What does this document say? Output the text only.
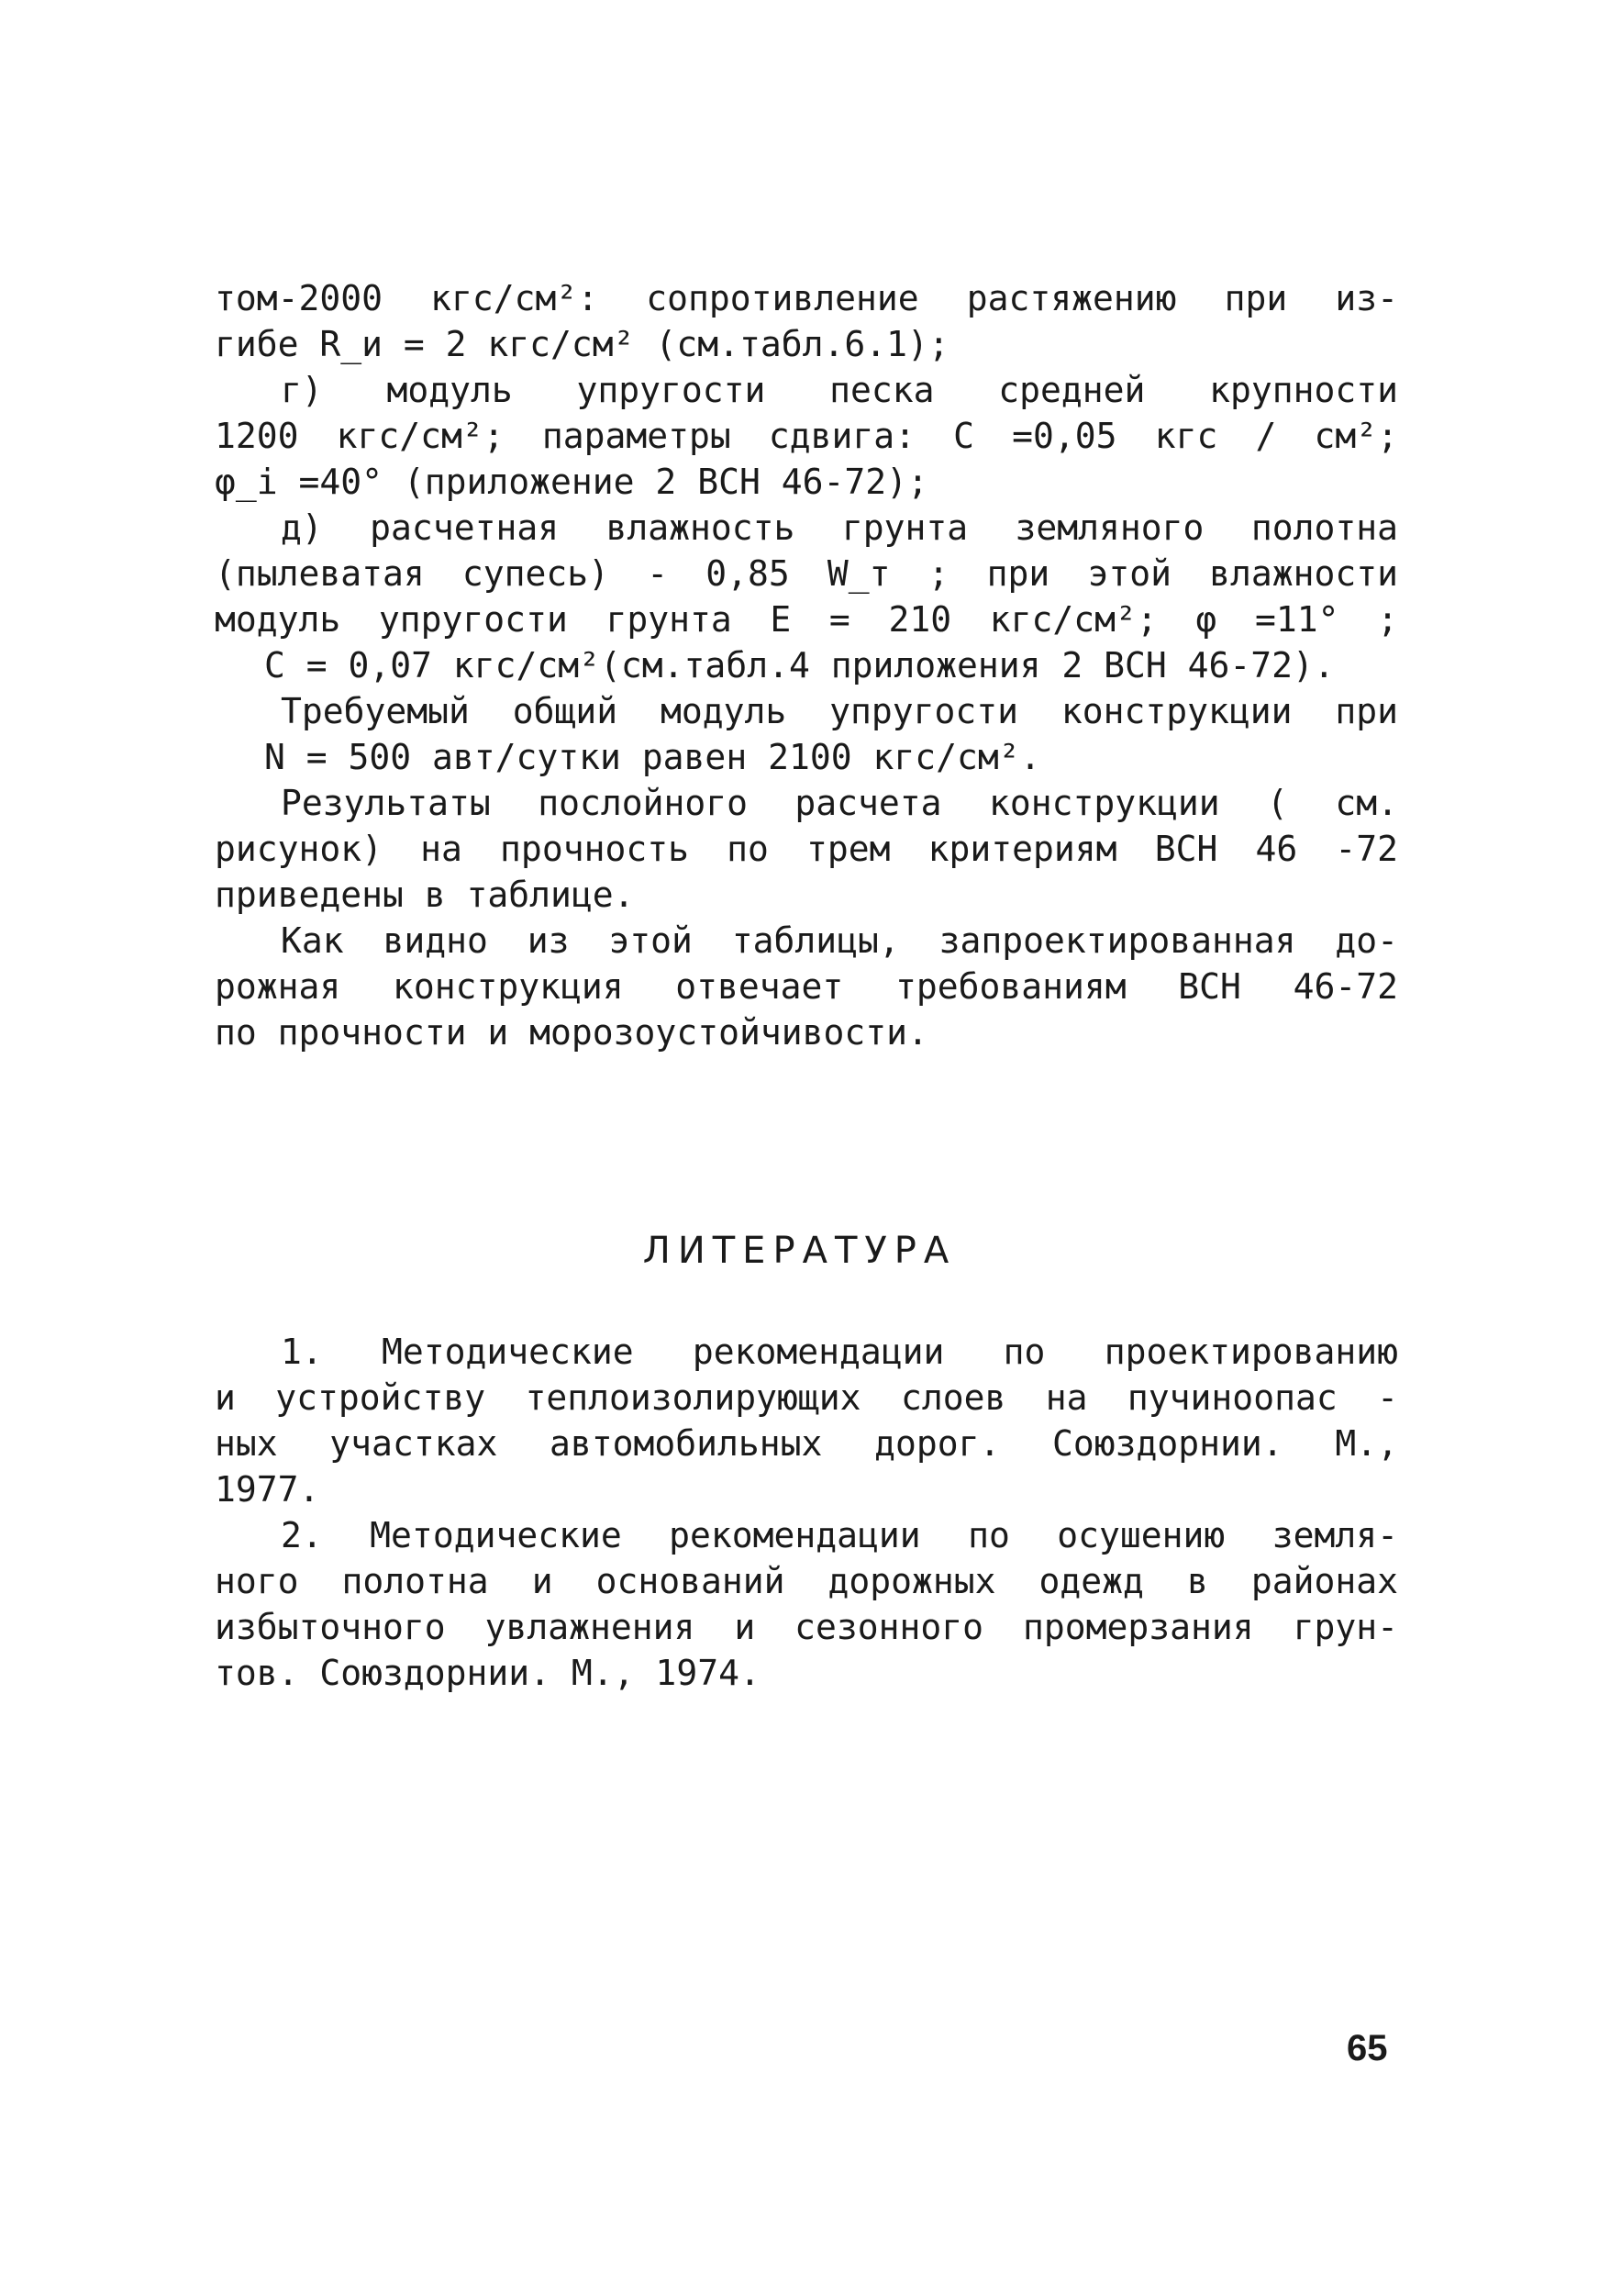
том-2000 кгс/см²: сопротивление растяжению при из-
гибе R_и = 2 кгс/см² (см.табл.6.1);
г) модуль упругости песка средней крупности
1200 кгс/см²; параметры сдвига: C =0,05 кгс / см²;
φ_i =40° (приложение 2 ВСН 46-72);
д) расчетная влажность грунта земляного полотна
(пылеватая супесь) - 0,85 W_т ; при этой влажности
модуль упругости грунта E = 210 кгс/см²; φ =11° ;
C = 0,07 кгс/см²(см.табл.4 приложения 2 ВСН 46-72).
Требуемый общий модуль упругости конструкции при
N = 500 авт/сутки равен 2100 кгс/см².
Результаты послойного расчета конструкции ( см.
рисунок) на прочность по трем критериям ВСН 46 -72
приведены в таблице.
Как видно из этой таблицы, запроектированная до-
рожная конструкция отвечает требованиям ВСН 46-72
по прочности и морозоустойчивости.
ЛИТЕРАТУРА
1. Методические рекомендации по проектированию
и устройству теплоизолирующих слоев на пучиноопас -
ных участках автомобильных дорог. Союздорнии. М.,
1977.
2. Методические рекомендации по осушению земля-
ного полотна и оснований дорожных одежд в районах
избыточного увлажнения и сезонного промерзания грун-
тов. Союздорнии. М., 1974.
65
